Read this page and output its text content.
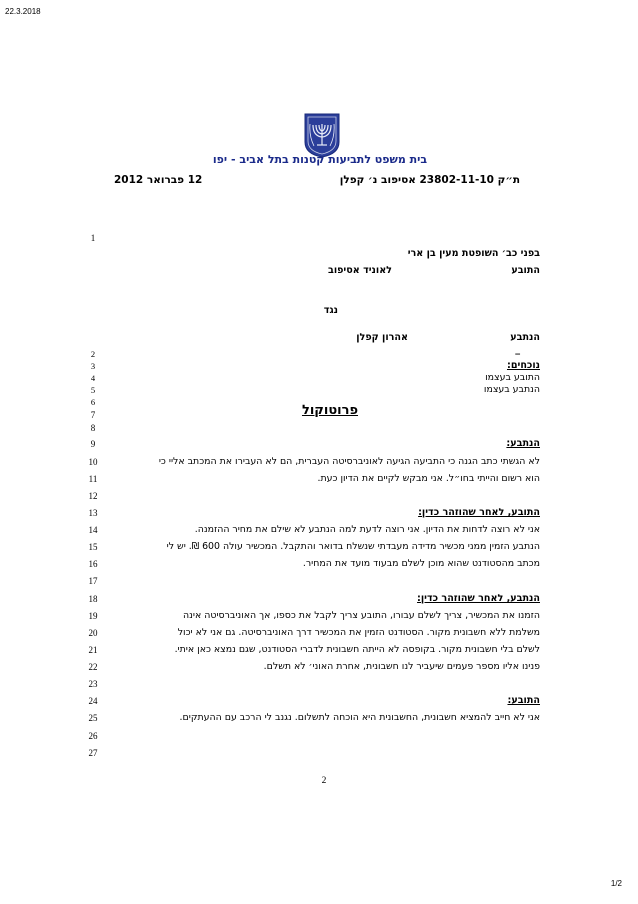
22.3.2018
בית משפט לתביעות קטנות בתל אביב - יפו
ת״ק 23802-11-10 אסיפוב נ׳ קפלן
12 פברואר 2012
1
2
3
4
5
6
7
8
9
10
11
12
13
14
15
16
17
18
19
20
21
22
23
24
25
26
27
בפני כב׳ השופטת מעין בן ארי
התובע
לאוניד אסיפוב
נגד
הנתבע
אהרון קפלן
_
נוכחים:
התובע בעצמו
הנתבע בעצמו
פרוטוקול
הנתבע:
לא הגשתי כתב הגנה כי התביעה הגיעה לאוניברסיטה העברית, הם לא העבירו את המכתב אליי כי
הוא רשום והייתי בחו״ל. אני מבקש לקיים את הדיון כעת.
התובע, לאחר שהוזהר כדין:
אני לא רוצה לדחות את הדיון. אני רוצה לדעת למה הנתבע לא שילם את מחיר ההזמנה.
הנתבע הזמין ממני מכשיר מדידה מעבדתי שנשלח בדואר והתקבל. המכשיר עולה 600 ₪. יש לי
מכתב מהסטודנט שהוא מוכן לשלם מבעוד מועד את המחיר.
הנתבע, לאחר שהוזהר כדין:
הזמנו את המכשיר, צריך לשלם עבורו, התובע צריך לקבל את כספו, אך האוניברסיטה אינה
משלמת ללא חשבונית מקור. הסטודנט הזמין את המכשיר דרך האוניברסיטה. גם אני לא יכול
לשלם בלי חשבונית מקור. בקופסה לא הייתה חשבונית לדברי הסטודנט, שגם נמצא כאן איתי.
פנינו אליו מספר פעמים שיעביר לנו חשבונית, אחרת האוני׳ לא תשלם.
התובע:
אני לא חייב להמציא חשבונית, החשבונית היא הוכחה לתשלום. נגנב לי הרכב עם ההעתקים.
2
1/2
